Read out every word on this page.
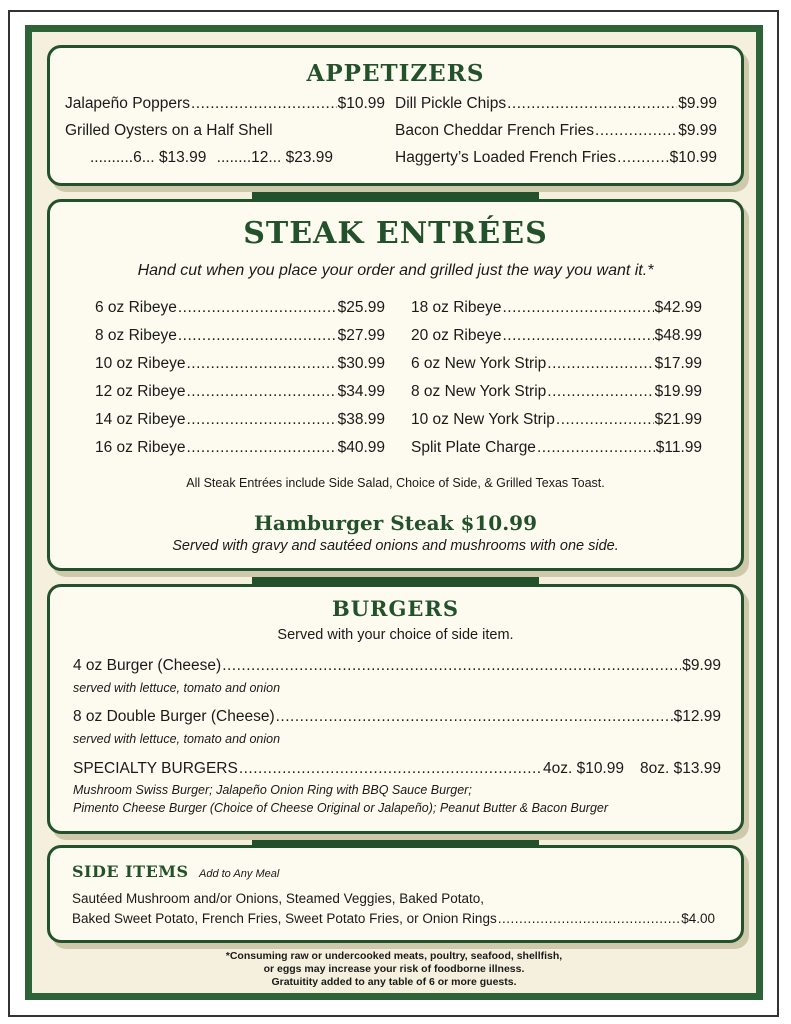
APPETIZERS
Jalapeño Poppers .....	$10.99
Grilled Oysters on a Half Shell
..........6... $13.99 ........12... $23.99
Dill Pickle Chips .....	$9.99
Bacon Cheddar French Fries .....	$9.99
Haggerty’s Loaded French Fries .....	$10.99
STEAK ENTRÉES
Hand cut when you place your order and grilled just the way you want it.*
6 oz Ribeye .....	$25.99
8 oz Ribeye .....	$27.99
10 oz Ribeye .....	$30.99
12 oz Ribeye .....	$34.99
14 oz Ribeye .....	$38.99
16 oz Ribeye .....	$40.99
18 oz Ribeye .....	$42.99
20 oz Ribeye .....	$48.99
6 oz New York Strip .....	$17.99
8 oz New York Strip .....	$19.99
10 oz New York Strip .....	$21.99
Split Plate Charge .....	$11.99
All Steak Entrées include Side Salad, Choice of Side, & Grilled Texas Toast.
Hamburger Steak $10.99
Served with gravy and sautéed onions and mushrooms with one side.
BURGERS
Served with your choice of side item.
4 oz Burger (Cheese) .....	$9.99
served with lettuce, tomato and onion
8 oz Double Burger (Cheese) .....	$12.99
served with lettuce, tomato and onion
SPECIALTY BURGERS .....	4oz. $10.99 8oz. $13.99
Mushroom Swiss Burger; Jalapeño Onion Ring with BBQ Sauce Burger;
Pimento Cheese Burger (Choice of Cheese Original or Jalapeño); Peanut Butter & Bacon Burger
SIDE ITEMS Add to Any Meal
Sautéed Mushroom and/or Onions, Steamed Veggies, Baked Potato,
Baked Sweet Potato, French Fries, Sweet Potato Fries, or Onion Rings .....	$4.00
*Consuming raw or undercooked meats, poultry, seafood, shellfish,
or eggs may increase your risk of foodborne illness.
Gratuitity added to any table of 6 or more guests.
